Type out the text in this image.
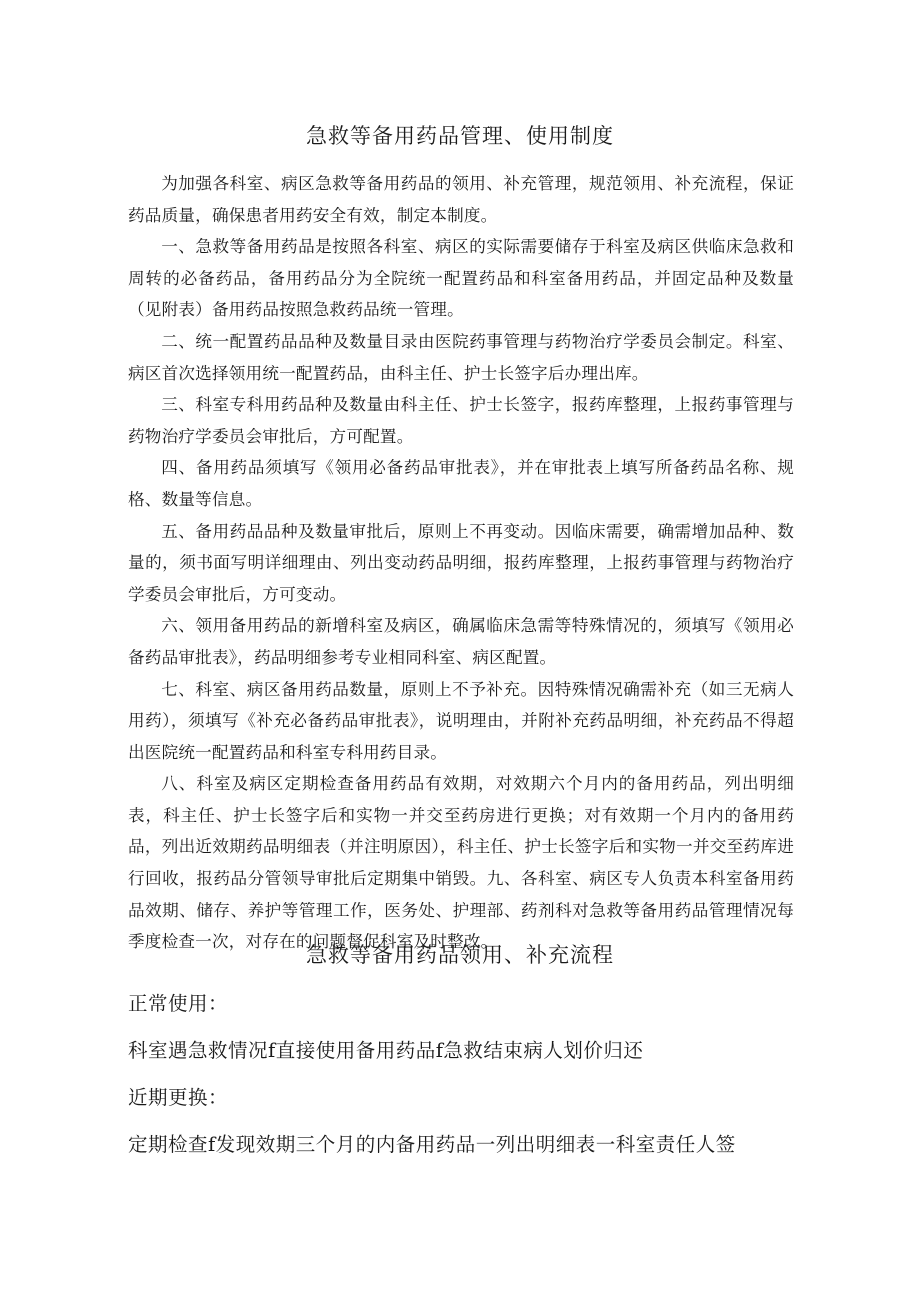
急救等备用药品管理、使用制度

为加强各科室、病区急救等备用药品的领用、补充管理，规范领用、补充流程，保证药品质量，确保患者用药安全有效，制定本制度。

一、急救等备用药品是按照各科室、病区的实际需要储存于科室及病区供临床急救和周转的必备药品，备用药品分为全院统一配置药品和科室备用药品，并固定品种及数量（见附表）备用药品按照急救药品统一管理。

二、统一配置药品品种及数量目录由医院药事管理与药物治疗学委员会制定。科室、病区首次选择领用统一配置药品，由科主任、护士长签字后办理出库。

三、科室专科用药品种及数量由科主任、护士长签字，报药库整理，上报药事管理与药物治疗学委员会审批后，方可配置。

四、备用药品须填写《领用必备药品审批表》，并在审批表上填写所备药品名称、规格、数量等信息。

五、备用药品品种及数量审批后，原则上不再变动。因临床需要，确需增加品种、数量的，须书面写明详细理由、列出变动药品明细，报药库整理，上报药事管理与药物治疗学委员会审批后，方可变动。

六、领用备用药品的新增科室及病区，确属临床急需等特殊情况的，须填写《领用必备药品审批表》，药品明细参考专业相同科室、病区配置。

七、科室、病区备用药品数量，原则上不予补充。因特殊情况确需补充（如三无病人用药），须填写《补充必备药品审批表》，说明理由，并附补充药品明细，补充药品不得超出医院统一配置药品和科室专科用药目录。

八、科室及病区定期检查备用药品有效期，对效期六个月内的备用药品，列出明细表，科主任、护士长签字后和实物一并交至药房进行更换；对有效期一个月内的备用药品，列出近效期药品明细表（并注明原因），科主任、护士长签字后和实物一并交至药库进行回收，报药品分管领导审批后定期集中销毁。九、各科室、病区专人负责本科室备用药品效期、储存、养护等管理工作，医务处、护理部、药剂科对急救等备用药品管理情况每季度检查一次，对存在的问题督促科室及时整改。

急救等备用药品领用、补充流程
正常使用：
科室遇急救情况f直接使用备用药品f急救结束病人划价归还
近期更换：
定期检查f发现效期三个月的内备用药品一列出明细表一科室责任人签
